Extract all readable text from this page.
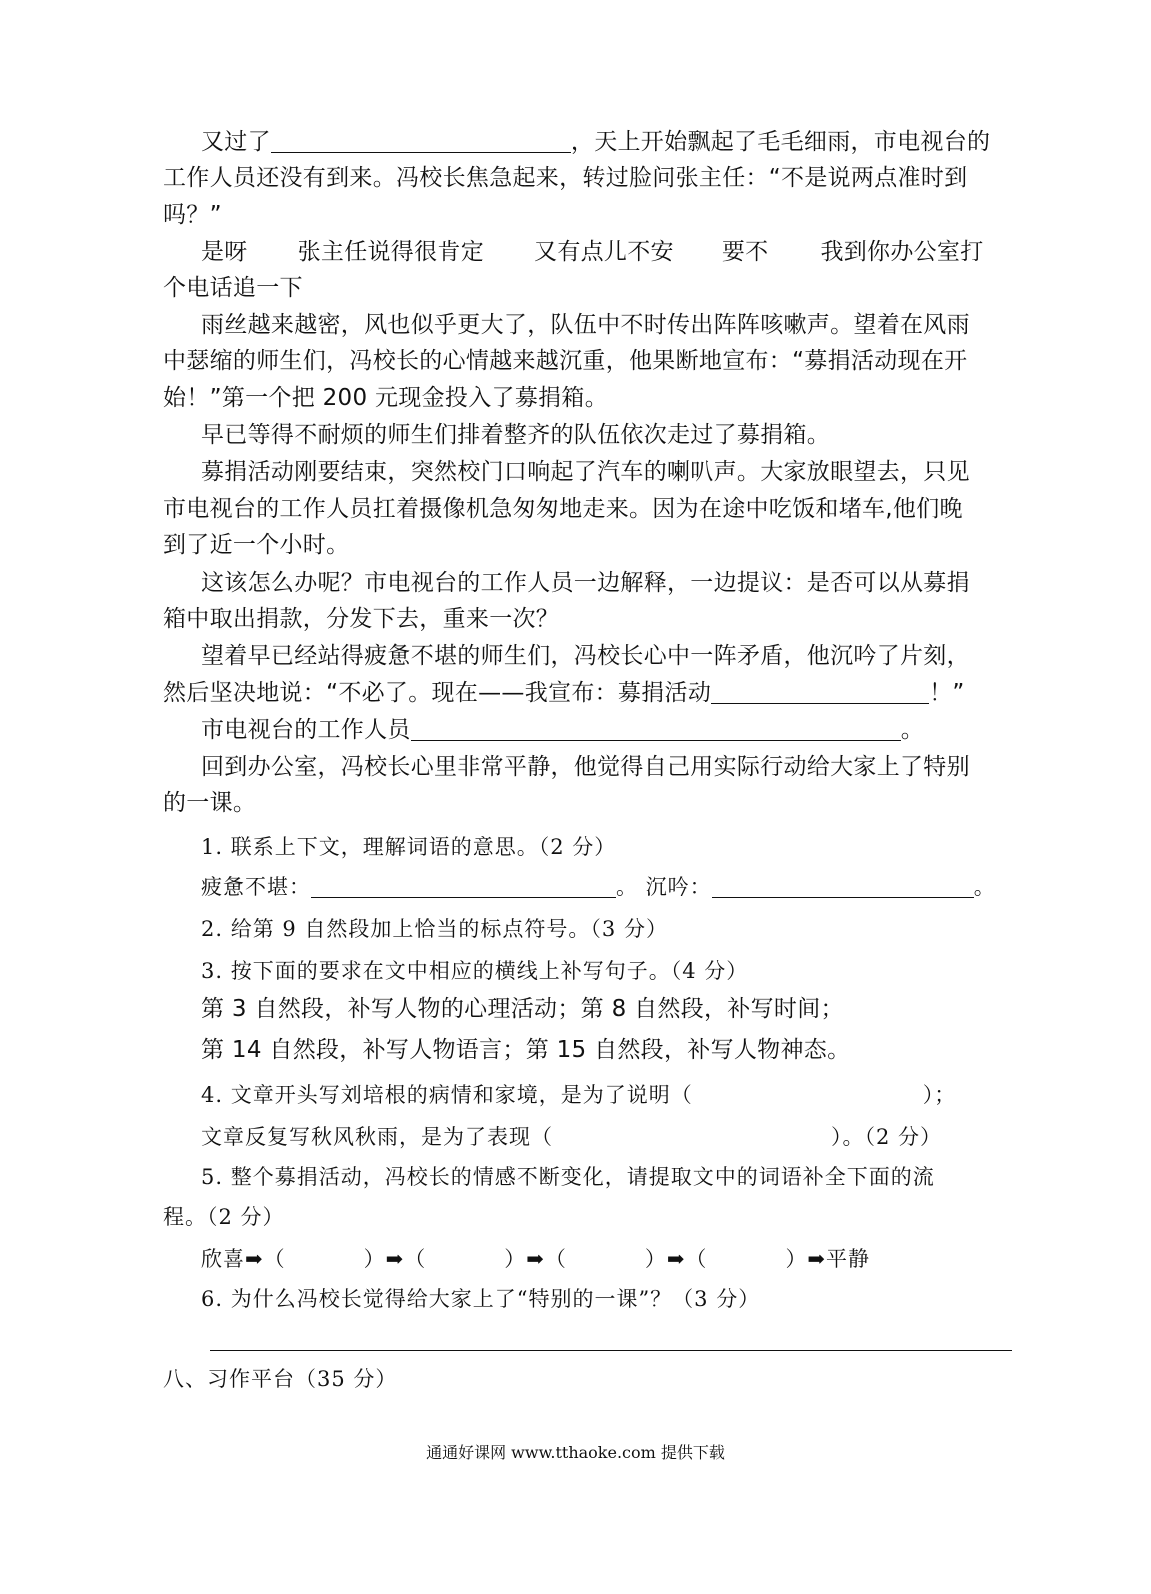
又过了	，天上开始飘起了毛毛细雨，市电视台的
工作人员还没有到来。冯校长焦急起来，转过脸问张主任：“不是说两点准时到
吗？”
是呀 张主任说得很肯定 又有点儿不安 要不 我到你办公室打
个电话追一下
雨丝越来越密，风也似乎更大了，队伍中不时传出阵阵咳嗽声。望着在风雨
中瑟缩的师生们，冯校长的心情越来越沉重，他果断地宣布：“募捐活动现在开
始！”第一个把 200 元现金投入了募捐箱。
早已等得不耐烦的师生们排着整齐的队伍依次走过了募捐箱。
募捐活动刚要结束，突然校门口响起了汽车的喇叭声。大家放眼望去，只见
市电视台的工作人员扛着摄像机急匆匆地走来。因为在途中吃饭和堵车,他们晚
到了近一个小时。
这该怎么办呢？市电视台的工作人员一边解释，一边提议：是否可以从募捐
箱中取出捐款，分发下去，重来一次？
望着早已经站得疲惫不堪的师生们，冯校长心中一阵矛盾，他沉吟了片刻，
然后坚决地说：“不必了。现在——我宣布：募捐活动	！”
市电视台的工作人员	。
回到办公室，冯校长心里非常平静，他觉得自己用实际行动给大家上了特别
的一课。
1. 联系上下文，理解词语的意思。（2 分）
疲惫不堪：	。 沉吟：	。
2. 给第 9 自然段加上恰当的标点符号。（3 分）
3. 按下面的要求在文中相应的横线上补写句子。（4 分）
第 3 自然段，补写人物的心理活动；第 8 自然段，补写时间；
第 14 自然段，补写人物语言；第 15 自然段，补写人物神态。
4. 文章开头写刘培根的病情和家境，是为了说明（	）；
文章反复写秋风秋雨，是为了表现（	）。（2 分）
5. 整个募捐活动，冯校长的情感不断变化，请提取文中的词语补全下面的流
程。（2 分）
欣喜➡（	）➡（	）➡（	）➡（	）➡平静
6. 为什么冯校长觉得给大家上了“特别的一课”？（3 分）
八、习作平台（35 分）
通通好课网 www.tthaoke.com 提供下载
